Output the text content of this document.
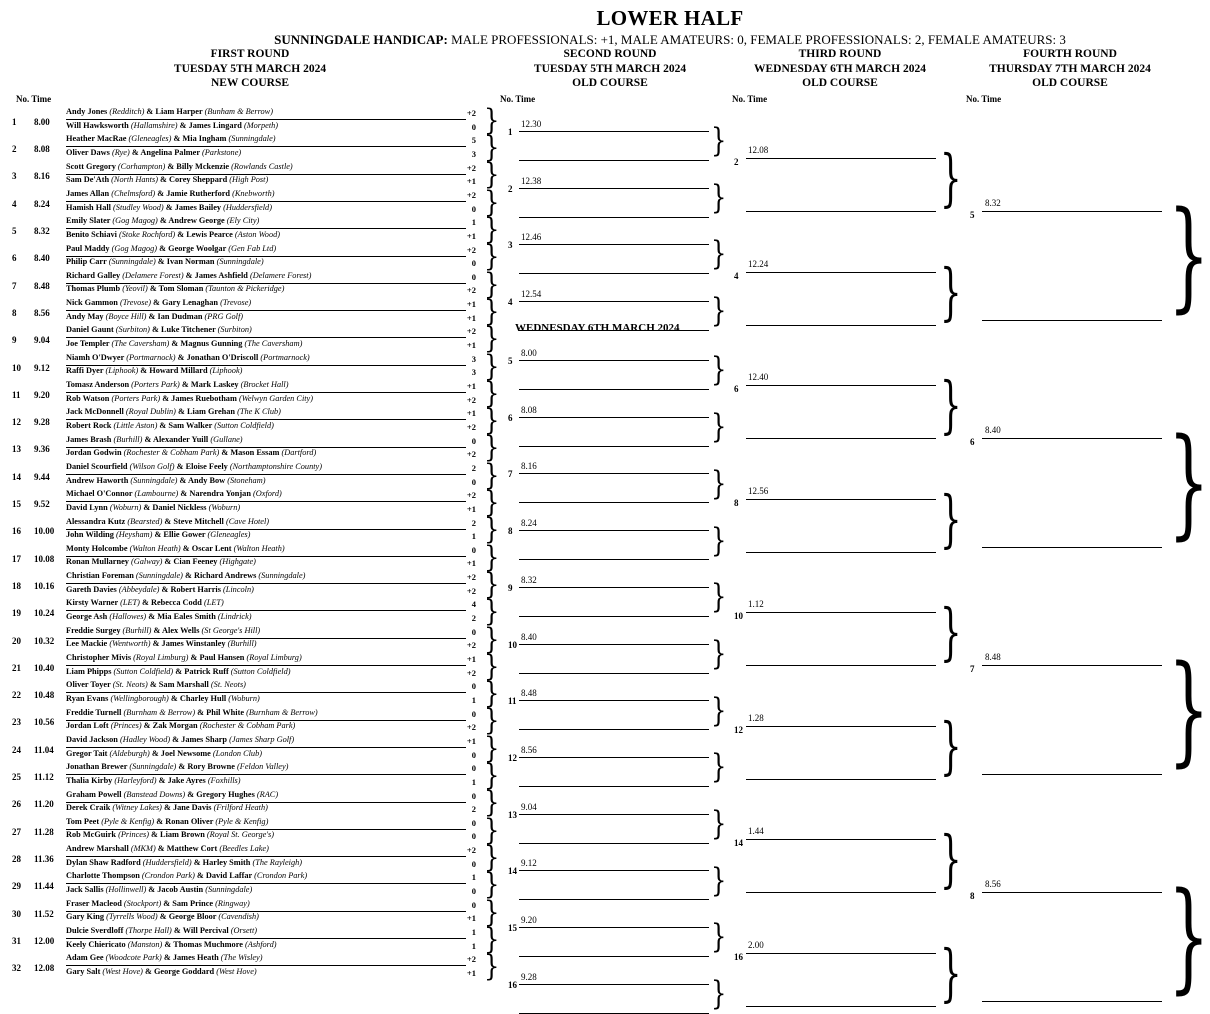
LOWER HALF
SUNNINGDALE HANDICAP: MALE PROFESSIONALS: +1, MALE AMATEURS: 0, FEMALE PROFESSIONALS: 2, FEMALE AMATEURS: 3
FIRST ROUND
TUESDAY 5TH MARCH 2024
NEW COURSE
SECOND ROUND
TUESDAY 5TH MARCH 2024
OLD COURSE
THIRD ROUND
WEDNESDAY 6TH MARCH 2024
OLD COURSE
FOURTH ROUND
THURSDAY 7TH MARCH 2024
OLD COURSE
No. Time	No. Time	No. Time	No. Time
WEDNESDAY 6TH MARCH 2024
1 8.00
Andy Jones (Redditch) & Liam Harper (Bunham & Berrow)	+2
Will Hawksworth (Hallamshire) & James Lingard (Morpeth)	0 }
2 8.08
Heather MacRae (Gleneagles) & Mia Ingham (Sunningdale)	5
Oliver Daws (Rye) & Angelina Palmer (Parkstone)	3 }
3 8.16
Scott Gregory (Corhampton) & Billy Mckenzie (Rowlands Castle)	+2
Sam De'Ath (North Hants) & Corey Sheppard (High Post)	+1 }
4 8.24
James Allan (Chelmsford) & Jamie Rutherford (Knebworth)	+2
Hamish Hall (Studley Wood) & James Bailey (Huddersfield)	0 }
5 8.32
Emily Slater (Gog Magog) & Andrew George (Ely City)	1
Benito Schiavi (Stoke Rochford) & Lewis Pearce (Aston Wood)	+1 }
6 8.40
Paul Maddy (Gog Magog) & George Woolgar (Gen Fab Ltd)	+2
Philip Carr (Sunningdale) & Ivan Norman (Sunningdale)	0 }
7 8.48
Richard Galley (Delamere Forest) & James Ashfield (Delamere Forest)	0
Thomas Plumb (Yeovil) & Tom Sloman (Taunton & Pickeridge)	+2 }
8 8.56
Nick Gammon (Trevose) & Gary Lenaghan (Trevose)	+1
Andy May (Boyce Hill) & Ian Dudman (PRG Golf)	+1 }
9 9.04
Daniel Gaunt (Surbiton) & Luke Titchener (Surbiton)	+2
Joe Templer (The Caversham) & Magnus Gunning (The Caversham)	+1 }
10 9.12
Niamh O'Dwyer (Portmarnock) & Jonathan O'Driscoll (Portmarnock)	3
Raffi Dyer (Liphook) & Howard Millard (Liphook)	3 }
11 9.20
Tomasz Anderson (Porters Park) & Mark Laskey (Brocket Hall)	+1
Rob Watson (Porters Park) & James Ruebotham (Welwyn Garden City)	+2 }
12 9.28
Jack McDonnell (Royal Dublin) & Liam Grehan (The K Club)	+1
Robert Rock (Little Aston) & Sam Walker (Sutton Coldfield)	+2 }
13 9.36
James Brash (Burhill) & Alexander Yuill (Gullane)	0
Jordan Godwin (Rochester & Cobham Park) & Mason Essam (Dartford)	+2 }
14 9.44
Daniel Scourfield (Wilson Golf) & Eloise Feely (Northamptonshire County)	2
Andrew Haworth (Sunningdale) & Andy Bow (Stoneham)	0 }
15 9.52
Michael O'Connor (Lambourne) & Narendra Yonjan (Oxford)	+2
David Lynn (Woburn) & Daniel Nickless (Woburn)	+1 }
16 10.00
Alessandra Kutz (Bearsted) & Steve Mitchell (Cave Hotel)	2
John Wilding (Heysham) & Ellie Gower (Gleneagles)	1 }
17 10.08
Monty Holcombe (Walton Heath) & Oscar Lent (Walton Heath)	0
Ronan Mullarney (Galway) & Cian Feeney (Highgate)	+1 }
18 10.16
Christian Foreman (Sunningdale) & Richard Andrews (Sunningdale)	+2
Gareth Davies (Abbeydale) & Robert Harris (Lincoln)	+2 }
19 10.24
Kirsty Warner (LET) & Rebecca Codd (LET)	4
George Ash (Hallowes) & Mia Eales Smith (Lindrick)	2 }
20 10.32
Freddie Surgey (Burhill) & Alex Wells (St George's Hill)	0
Lee Mackie (Wentworth) & James Winstanley (Burhill)	+2 }
21 10.40
Christopher Mivis (Royal Limburg) & Paul Hansen (Royal Limburg)	+1
Liam Phipps (Sutton Coldfield) & Patrick Ruff (Sutton Coldfield)	+2 }
22 10.48
Oliver Toyer (St. Neots) & Sam Marshall (St. Neots)	0
Ryan Evans (Wellingborough) & Charley Hull (Woburn)	1 }
23 10.56
Freddie Turnell (Burnham & Berrow) & Phil White (Burnham & Berrow)	0
Jordan Loft (Princes) & Zak Morgan (Rochester & Cobham Park)	+2 }
24 11.04
David Jackson (Hadley Wood) & James Sharp (James Sharp Golf)	+1
Gregor Tait (Aldeburgh) & Joel Newsome (London Club)	0 }
25 11.12
Jonathan Brewer (Sunningdale) & Rory Browne (Feldon Valley)	0
Thalia Kirby (Harleyford) & Jake Ayres (Foxhills)	1 }
26 11.20
Graham Powell (Banstead Downs) & Gregory Hughes (RAC)	0
Derek Craik (Witney Lakes) & Jane Davis (Frilford Heath)	2 }
27 11.28
Tom Peet (Pyle & Kenfig) & Ronan Oliver (Pyle & Kenfig)	0
Rob McGuirk (Princes) & Liam Brown (Royal St. George's)	0 }
28 11.36
Andrew Marshall (MKM) & Matthew Cort (Beedles Lake)	+2
Dylan Shaw Radford (Huddersfield) & Harley Smith (The Rayleigh)	0 }
29 11.44
Charlotte Thompson (Crondon Park) & David Laffar (Crondon Park)	1
Jack Sallis (Hollinwell) & Jacob Austin (Sunningdale)	0 }
30 11.52
Fraser Macleod (Stockport) & Sam Prince (Ringway)	0
Gary King (Tyrrells Wood) & George Bloor (Cavendish)	+1 }
31 12.00
Dulcie Sverdloff (Thorpe Hall) & Will Percival (Orsett)	1
Keely Chiericato (Manston) & Thomas Muchmore (Ashford)	1 }
32 12.08
Adam Gee (Woodcote Park) & James Heath (The Wisley)	+2
Gary Salt (West Hove) & George Goddard (West Hove)	+1 }
1
12.30	}
2
12.38	}
3
12.46	}
4
12.54	}
5
8.00	}
6
8.08	}
7
8.16	}
8
8.24	}
9
8.32	}
10
8.40	}
11
8.48	}
12
8.56	}
13
9.04	}
14
9.12	}
15
9.20	}
16
9.28	}
2
12.08	}
4
12.24	}
6
12.40	}
8
12.56	}
10
1.12	}
12
1.28	}
14
1.44	}
16
2.00	}
5
8.32 }
6
8.40 }
7
8.48 }
8
8.56 }
